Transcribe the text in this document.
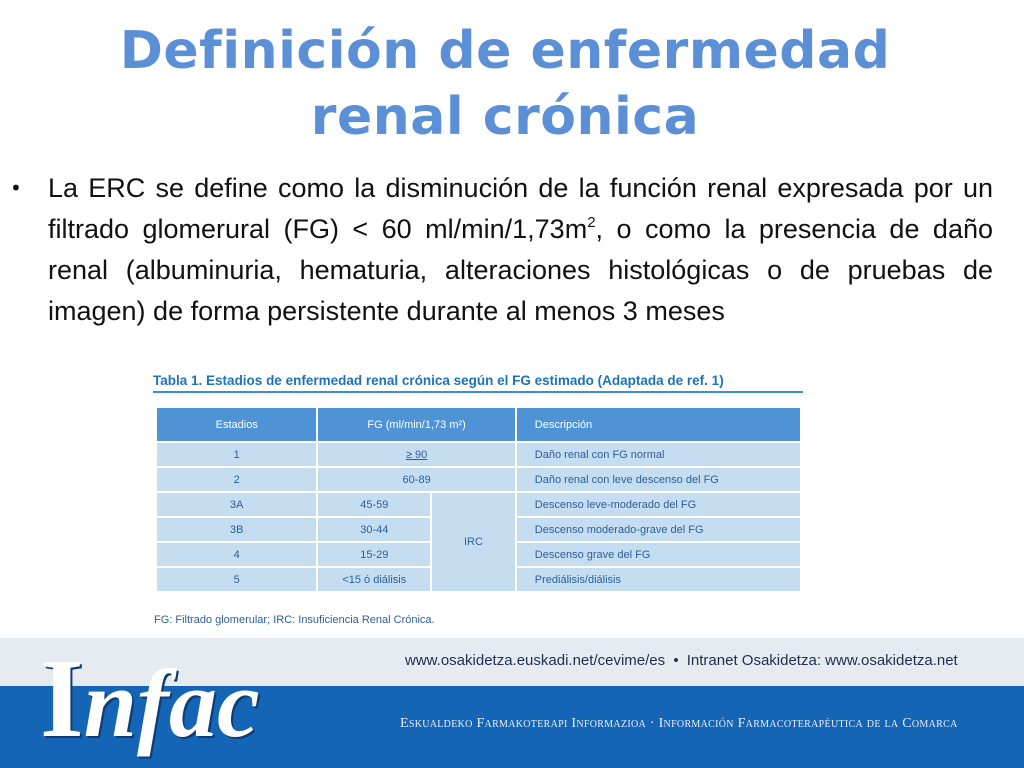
Definición de enfermedad
renal crónica
• La ERC se define como la disminución de la función renal expresada por un filtrado glomerural (FG) < 60 $ml/\min/1,73m^2$, o como la presencia de daño renal (albuminuria, hematuria, alteraciones histológicas o de pruebas de imagen) de forma persistente durante al menos 3 meses
Tabla 1. Estadios de enfermedad renal crónica según el FG estimado (Adaptada de ref. 1)
Estadios	FG (ml/min/1,73 m²)		Descripción
1	≥ 90		Daño renal con FG normal
2	60-89		Daño renal con leve descenso del FG
3A	45-59	IRC	Descenso leve-moderado del FG
3B	30-44		Descenso moderado-grave del FG
4	15-29		Descenso grave del FG
5	<15 ó diálisis		Prediálisis/diálisis
FG: Filtrado glomerular; IRC: Insuficiencia Renal Crónica.
www.osakidetza.euskadi.net/cevime/es • Intranet Osakidetza: www.osakidetza.net
Eskualdeko Farmakoterapi Informazioa · Información Farmacoterapéutica de la Comarca
Infac
